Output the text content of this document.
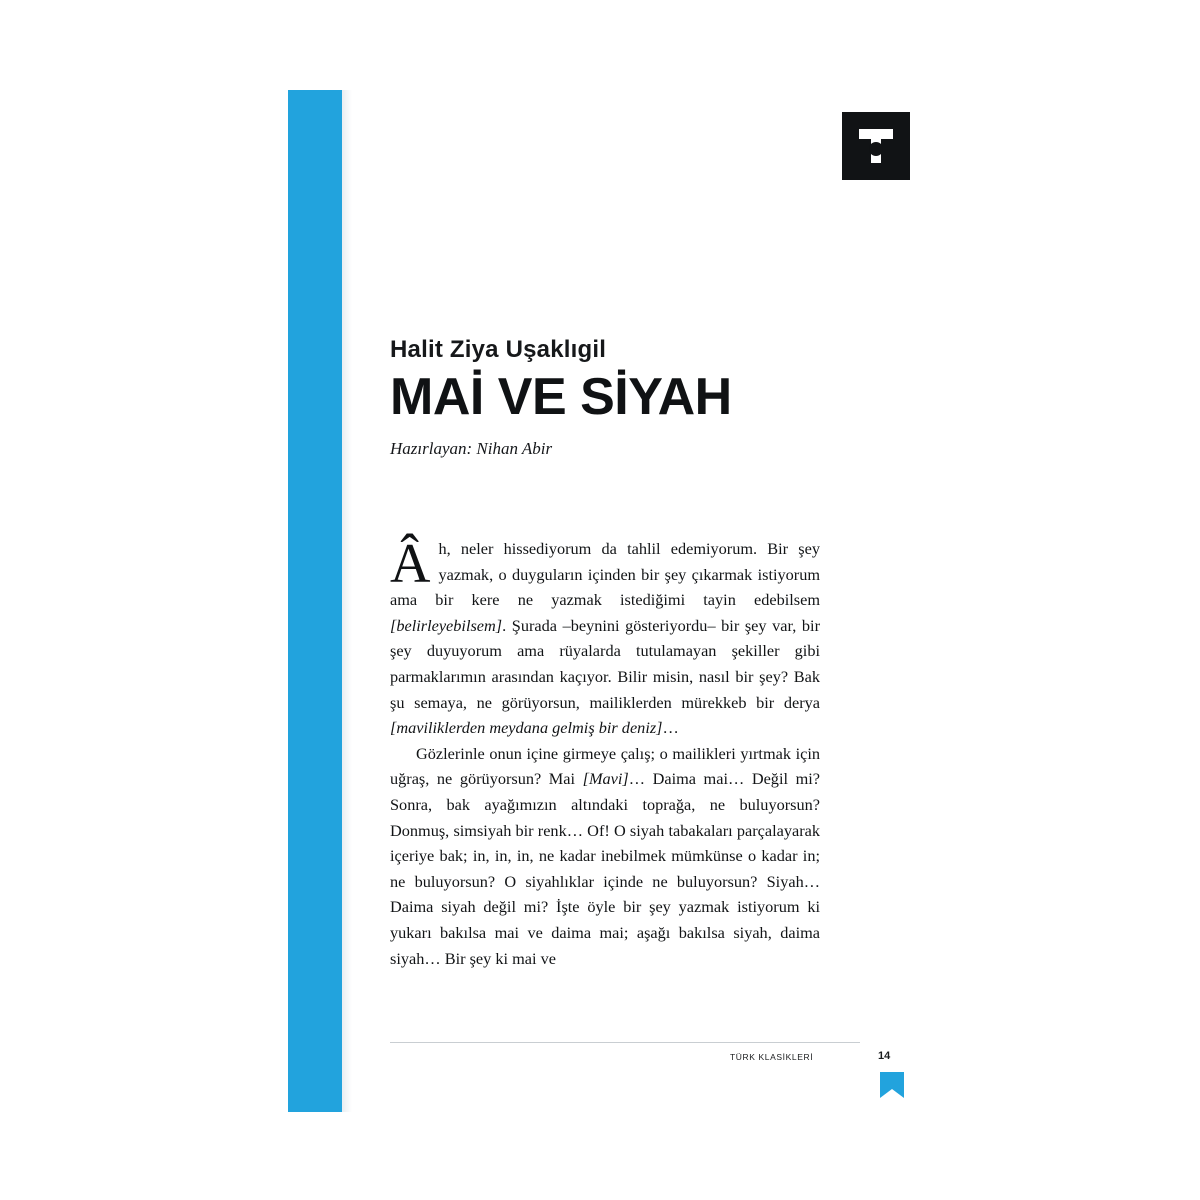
Halit Ziya Uşaklıgil

MAİ VE SİYAH

Hazırlayan: Nihan Abir

Âh, neler hissediyorum da tahlil edemiyorum. Bir şey yazmak, o duyguların içinden bir şey çıkarmak istiyorum ama bir kere ne yazmak istediğimi tayin edebilsem [belirleyebilsem]. Şurada –beynini gösteriyordu– bir şey var, bir şey duyuyorum ama rüyalarda tutulamayan şekiller gibi parmaklarımın arasından kaçıyor. Bilir misin, nasıl bir şey? Bak şu semaya, ne görüyorsun, mailiklerden mürekkeb bir derya [maviliklerden meydana gelmiş bir deniz]…

Gözlerinle onun içine girmeye çalış; o mailikleri yırtmak için uğraş, ne görüyorsun? Mai [Mavi]… Daima mai… Değil mi? Sonra, bak ayağımızın altındaki toprağa, ne buluyorsun? Donmuş, simsiyah bir renk… Of! O siyah tabakaları parçalayarak içeriye bak; in, in, in, ne kadar inebilmek mümkünse o kadar in; ne buluyorsun? O siyahlıklar içinde ne buluyorsun? Siyah… Daima siyah değil mi? İşte öyle bir şey yazmak istiyorum ki yukarı bakılsa mai ve daima mai; aşağı bakılsa siyah, daima siyah… Bir şey ki mai ve

TÜRK KLASİKLERİ	14
